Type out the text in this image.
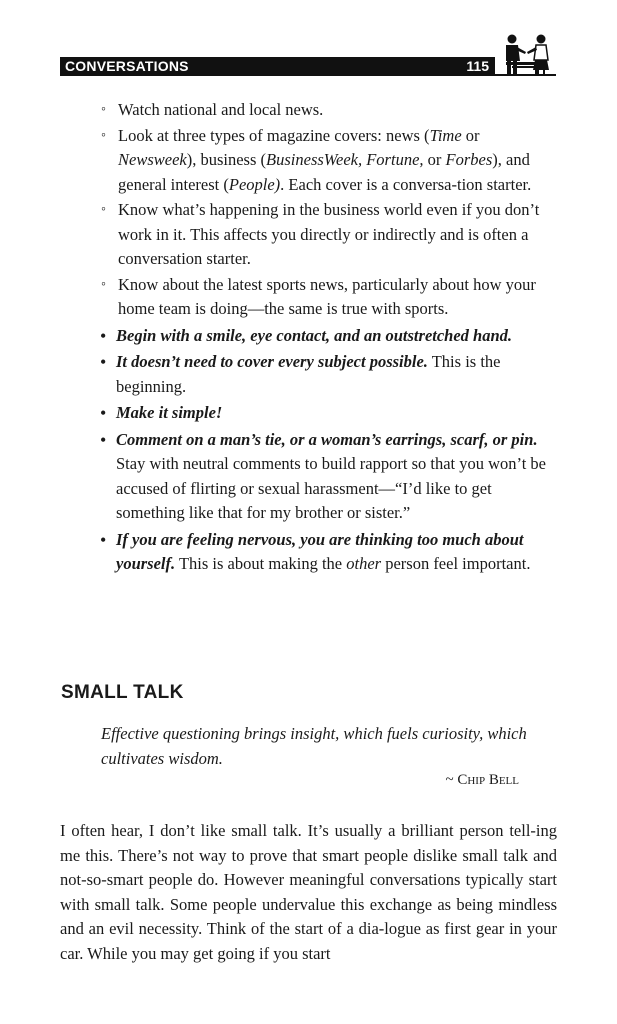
CONVERSATIONS	115
◦ Watch national and local news.
◦ Look at three types of magazine covers: news (Time or Newsweek), business (BusinessWeek, Fortune, or Forbes), and general interest (People). Each cover is a conversa-tion starter.
◦ Know what’s happening in the business world even if you don’t work in it. This affects you directly or indirectly and is often a conversation starter.
◦ Know about the latest sports news, particularly about how your home team is doing—the same is true with sports.
• Begin with a smile, eye contact, and an outstretched hand.
• It doesn’t need to cover every subject possible. This is the beginning.
• Make it simple!
• Comment on a man’s tie, or a woman’s earrings, scarf, or pin. Stay with neutral comments to build rapport so that you won’t be accused of flirting or sexual harassment—“I’d like to get something like that for my brother or sister.”
• If you are feeling nervous, you are thinking too much about yourself. This is about making the other person feel important.
SMALL TALK
Effective questioning brings insight, which fuels curiosity, which cultivates wisdom.
~ Chip Bell

I often hear, I don’t like small talk. It’s usually a brilliant person tell-ing me this. There’s not way to prove that smart people dislike small talk and not-so-smart people do. However meaningful conversations typically start with small talk. Some people undervalue this exchange as being mindless and an evil necessity. Think of the start of a dia-logue as first gear in your car. While you may get going if you start
